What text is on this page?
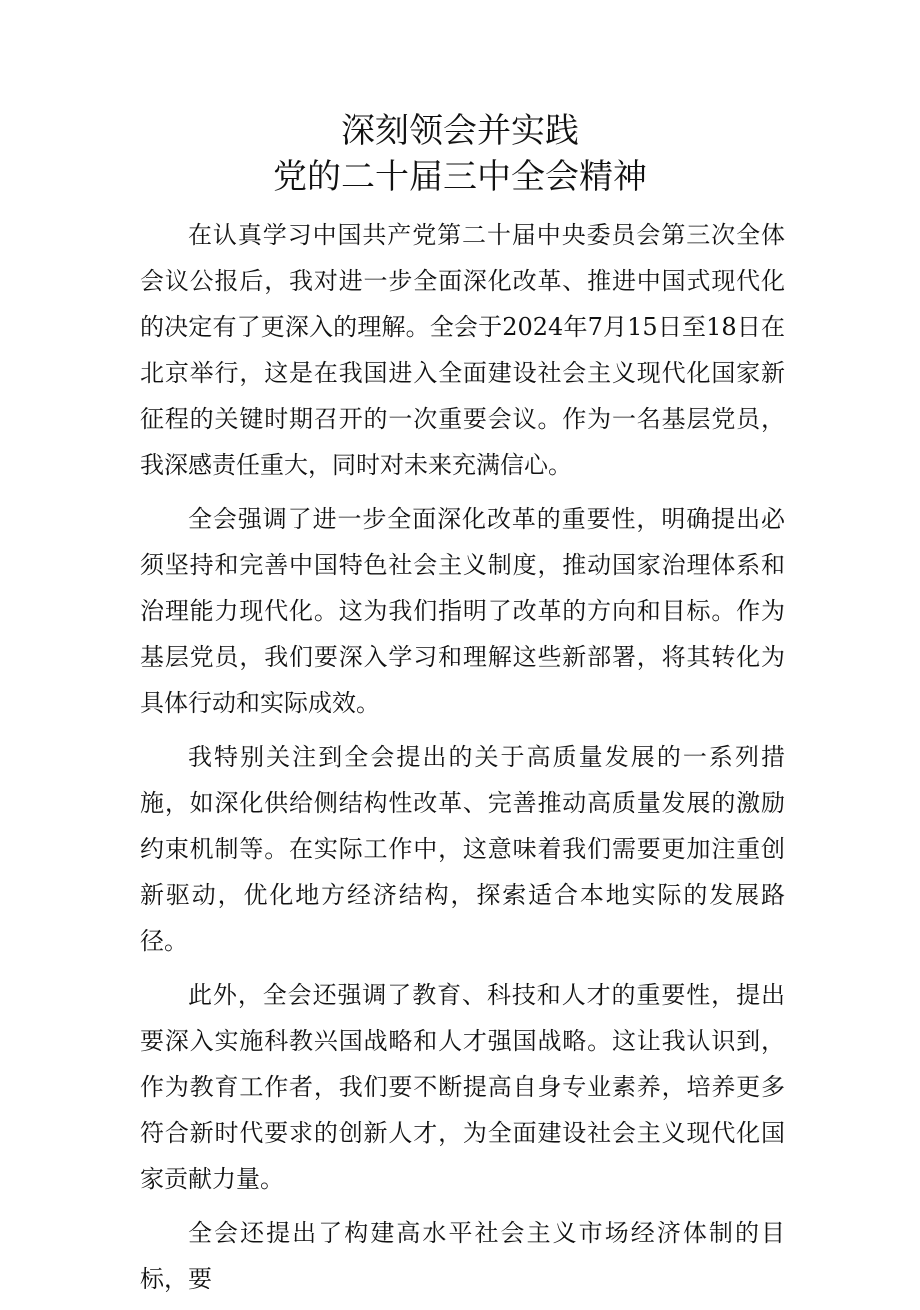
深刻领会并实践
党的二十届三中全会精神

在认真学习中国共产党第二十届中央委员会第三次全体会议公报后，我对进一步全面深化改革、推进中国式现代化的决定有了更深入的理解。全会于2024年7月15日至18日在北京举行，这是在我国进入全面建设社会主义现代化国家新征程的关键时期召开的一次重要会议。作为一名基层党员，我深感责任重大，同时对未来充满信心。

全会强调了进一步全面深化改革的重要性，明确提出必须坚持和完善中国特色社会主义制度，推动国家治理体系和治理能力现代化。这为我们指明了改革的方向和目标。作为基层党员，我们要深入学习和理解这些新部署，将其转化为具体行动和实际成效。

我特别关注到全会提出的关于高质量发展的一系列措施，如深化供给侧结构性改革、完善推动高质量发展的激励约束机制等。在实际工作中，这意味着我们需要更加注重创新驱动，优化地方经济结构，探索适合本地实际的发展路径。

此外，全会还强调了教育、科技和人才的重要性，提出要深入实施科教兴国战略和人才强国战略。这让我认识到，作为教育工作者，我们要不断提高自身专业素养，培养更多符合新时代要求的创新人才，为全面建设社会主义现代化国家贡献力量。

全会还提出了构建高水平社会主义市场经济体制的目标，要
